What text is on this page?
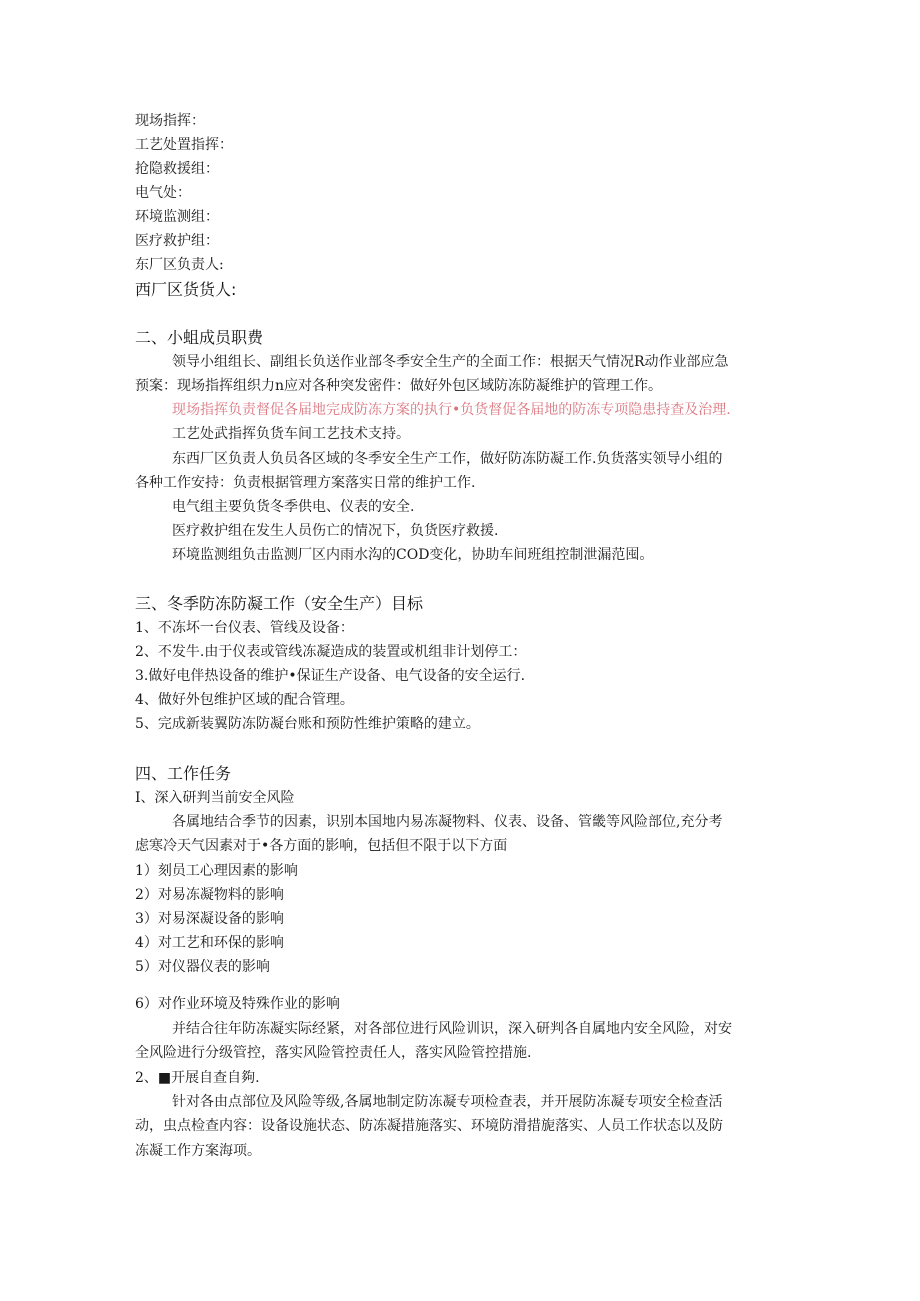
现场指挥：
工艺处置指挥：
抢隐救援组：
电气处：
环境监测组：
医疗救护组：
东厂区负责人:
西厂区货货人:
二、小蛆成员职费
领导小组组长、副组长负送作业部冬季安全生产的全面工作：根据天气情况R动作业部应急
预案：现场指挥组织力n应对各种突发密件：做好外包区域防冻防凝维护的管理工作。
现场指挥负责督促各届地完成防冻方案的执行•负货督促各届地的防冻专项隐患持查及治理.
工艺处武指挥负货车间工艺技术支持。
东西厂区负责人负员各区域的冬季安全生产工作，做好防冻防凝工作.负货落实领导小组的
各种工作安持：负责根据管理方案落实日常的维护工作.
电气组主要负货冬季供电、仪表的安全.
医疗救护组在发生人员伤亡的情况下，负货医疗救援.
环境监测组负击监测厂区内雨水沟的COD变化，协助车间班组控制泄漏范囤。
三、冬季防冻防凝工作（安全生产）目标
1、不冻坏一台仪表、管线及设备：
2、不发牛.由于仪表或管线冻凝造成的装置或机组非计划停工：
3.做好电伴热设备的维护•保证生产设备、电气设备的安全运行.
4、做好外包维护区域的配合管理。
5、完成新装翼防冻防凝台账和预防性维护策略的建立。
四、工作任务
I、深入研判当前安全风险
各属地结合季节的因素，识别本国地内易冻凝物料、仪表、设备、管畿等风险部位,充分考
虑寒冷天气因素对于•各方面的影响，包括但不限于以下方面
1）刻员工心理因素的影响
2）对易冻凝物料的影响
3）对易深凝设备的影响
4）对工艺和环保的影响
5）对仪器仪表的影响
6）对作业环境及特殊作业的影响
并结合往年防冻凝实际经紧，对各部位进行风险训识，深入研判各自属地内安全风险，对安
全风险进行分级管控，落实风险管控责任人，落实风险管控措施.
2、■开展自查自夠.
针对各由点部位及风险等级,各属地制定防冻凝专项检查表，并开展防冻凝专项安全检查活
动，虫点检查内容：设备设施状态、防冻凝措施落实、环境防滑措旎落实、人员工作状态以及防
冻凝工作方案海项。
